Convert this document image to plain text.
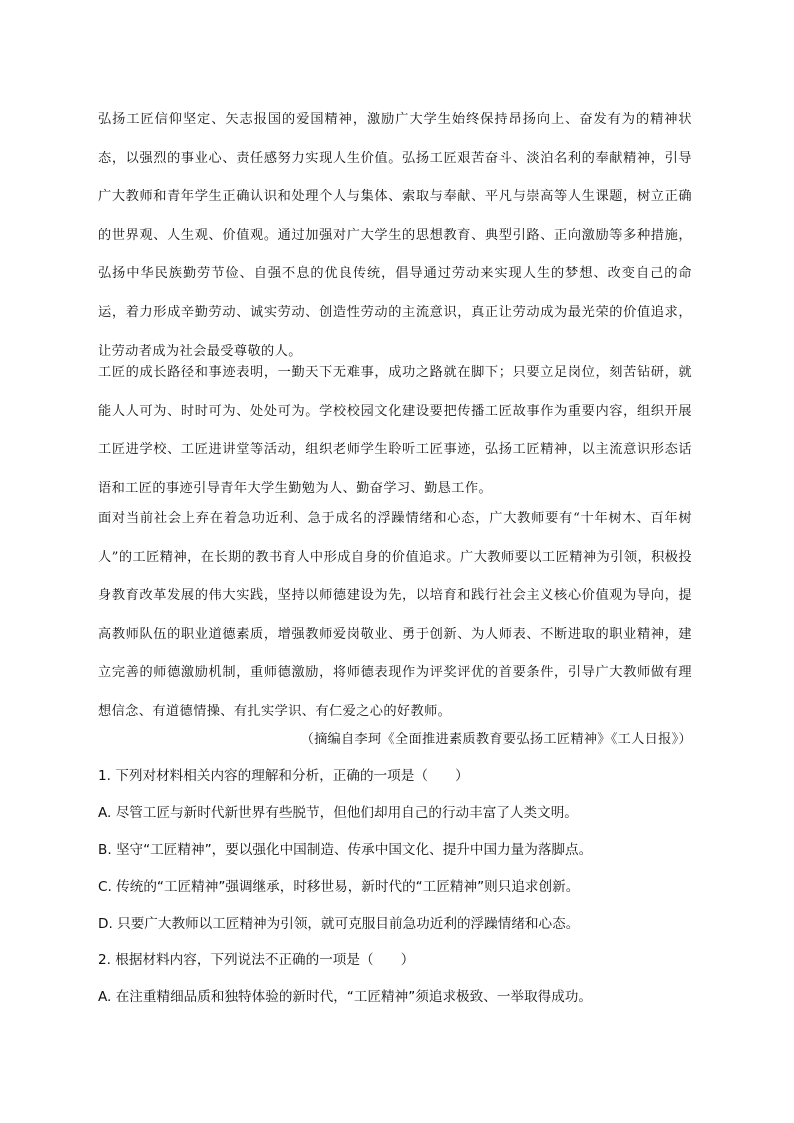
弘扬工匠信仰坚定、矢志报国的爱国精神，激励广大学生始终保持昂扬向上、奋发有为的精神状态，以强烈的事业心、责任感努力实现人生价值。弘扬工匠艰苦奋斗、淡泊名利的奉献精神，引导广大教师和青年学生正确认识和处理个人与集体、索取与奉献、平凡与崇高等人生课题，树立正确的世界观、人生观、价值观。通过加强对广大学生的思想教育、典型引路、正向激励等多种措施，弘扬中华民族勤劳节俭、自强不息的优良传统，倡导通过劳动来实现人生的梦想、改变自己的命运，着力形成辛勤劳动、诚实劳动、创造性劳动的主流意识，真正让劳动成为最光荣的价值追求，让劳动者成为社会最受尊敬的人。
工匠的成长路径和事迹表明，一勤天下无难事，成功之路就在脚下；只要立足岗位，刻苦钻研，就能人人可为、时时可为、处处可为。学校校园文化建设要把传播工匠故事作为重要内容，组织开展工匠进学校、工匠进讲堂等活动，组织老师学生聆听工匠事迹，弘扬工匠精神，以主流意识形态话语和工匠的事迹引导青年大学生勤勉为人、勤奋学习、勤恳工作。
面对当前社会上弃在着急功近利、急于成名的浮躁情绪和心态，广大教师要有“十年树木、百年树人”的工匠精神，在长期的教书育人中形成自身的价值追求。广大教师要以工匠精神为引领，积极投身教育改革发展的伟大实践，坚持以师德建设为先，以培育和践行社会主义核心价值观为导向，提高教师队伍的职业道德素质，增强教师爱岗敬业、勇于创新、为人师表、不断进取的职业精神，建立完善的师德激励机制，重师德激励，将师德表现作为评奖评优的首要条件，引导广大教师做有理想信念、有道德情操、有扎实学识、有仁爱之心的好教师。
（摘编自李珂《全面推进素质教育要弘扬工匠精神》《工人日报》）
1. 下列对材料相关内容的理解和分析，正确的一项是（　　）
A. 尽管工匠与新时代新世界有些脱节，但他们却用自己的行动丰富了人类文明。
B. 坚守“工匠精神”，要以强化中国制造、传承中国文化、提升中国力量为落脚点。
C. 传统的“工匠精神”强调继承，时移世易，新时代的“工匠精神”则只追求创新。
D. 只要广大教师以工匠精神为引领，就可克服目前急功近利的浮躁情绪和心态。
2. 根据材料内容，下列说法不正确的一项是（　　）
A. 在注重精细品质和独特体验的新时代，“工匠精神”须追求极致、一举取得成功。
